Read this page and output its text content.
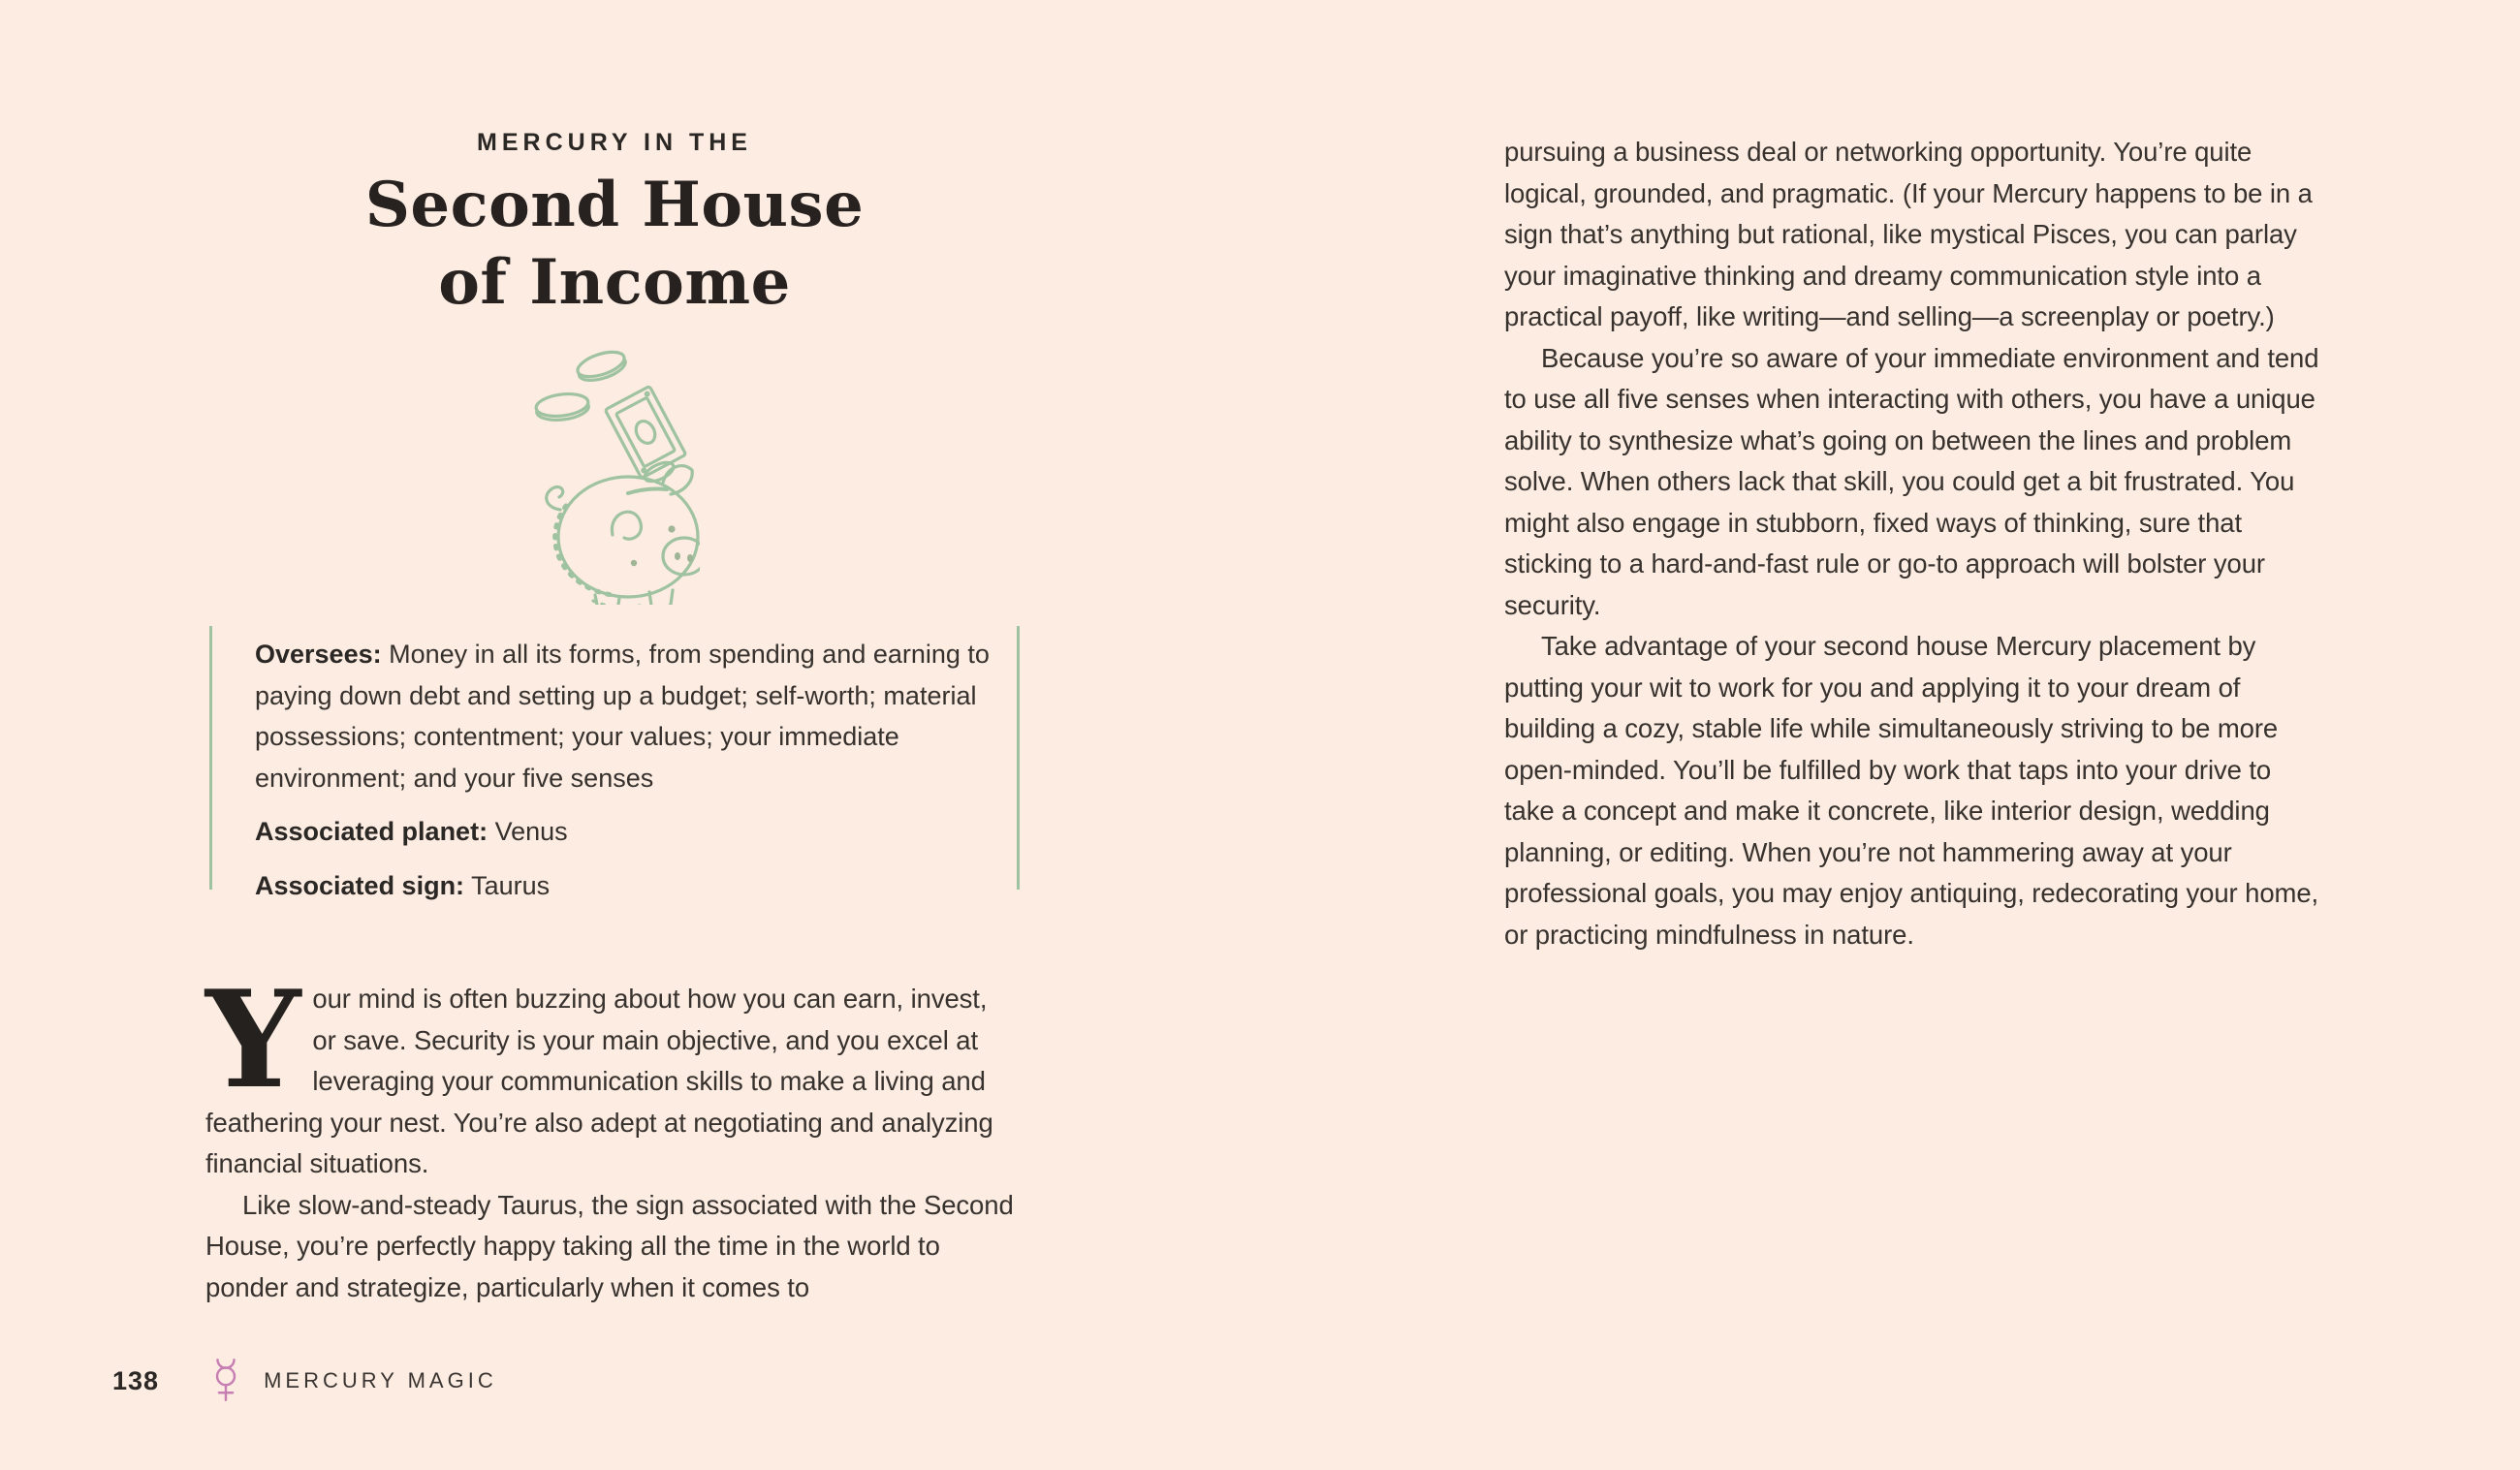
MERCURY IN THE
Second House
of Income

Oversees: Money in all its forms, from spending and earning to paying down debt and setting up a budget; self-worth; material possessions; contentment; your values; your immediate environment; and your five senses

Associated planet: Venus

Associated sign: Taurus

Your mind is often buzzing about how you can earn, invest, or save. Security is your main objective, and you excel at leveraging your communication skills to make a living and feathering your nest. You’re also adept at negotiating and analyzing financial situations.

Like slow-and-steady Taurus, the sign associated with the Second House, you’re perfectly happy taking all the time in the world to ponder and strategize, particularly when it comes to

138	MERCURY MAGIC

pursuing a business deal or networking opportunity. You’re quite logical, grounded, and pragmatic. (If your Mercury happens to be in a sign that’s anything but rational, like mystical Pisces, you can parlay your imaginative thinking and dreamy communication style into a practical payoff, like writing—and selling—a screenplay or poetry.)

Because you’re so aware of your immediate environment and tend to use all five senses when interacting with others, you have a unique ability to synthesize what’s going on between the lines and problem solve. When others lack that skill, you could get a bit frustrated. You might also engage in stubborn, fixed ways of thinking, sure that sticking to a hard-and-fast rule or go-to approach will bolster your security.

Take advantage of your second house Mercury placement by putting your wit to work for you and applying it to your dream of building a cozy, stable life while simultaneously striving to be more open-minded. You’ll be fulfilled by work that taps into your drive to take a concept and make it concrete, like interior design, wedding planning, or editing. When you’re not hammering away at your professional goals, you may enjoy antiquing, redecorating your home, or practicing mindfulness in nature.
